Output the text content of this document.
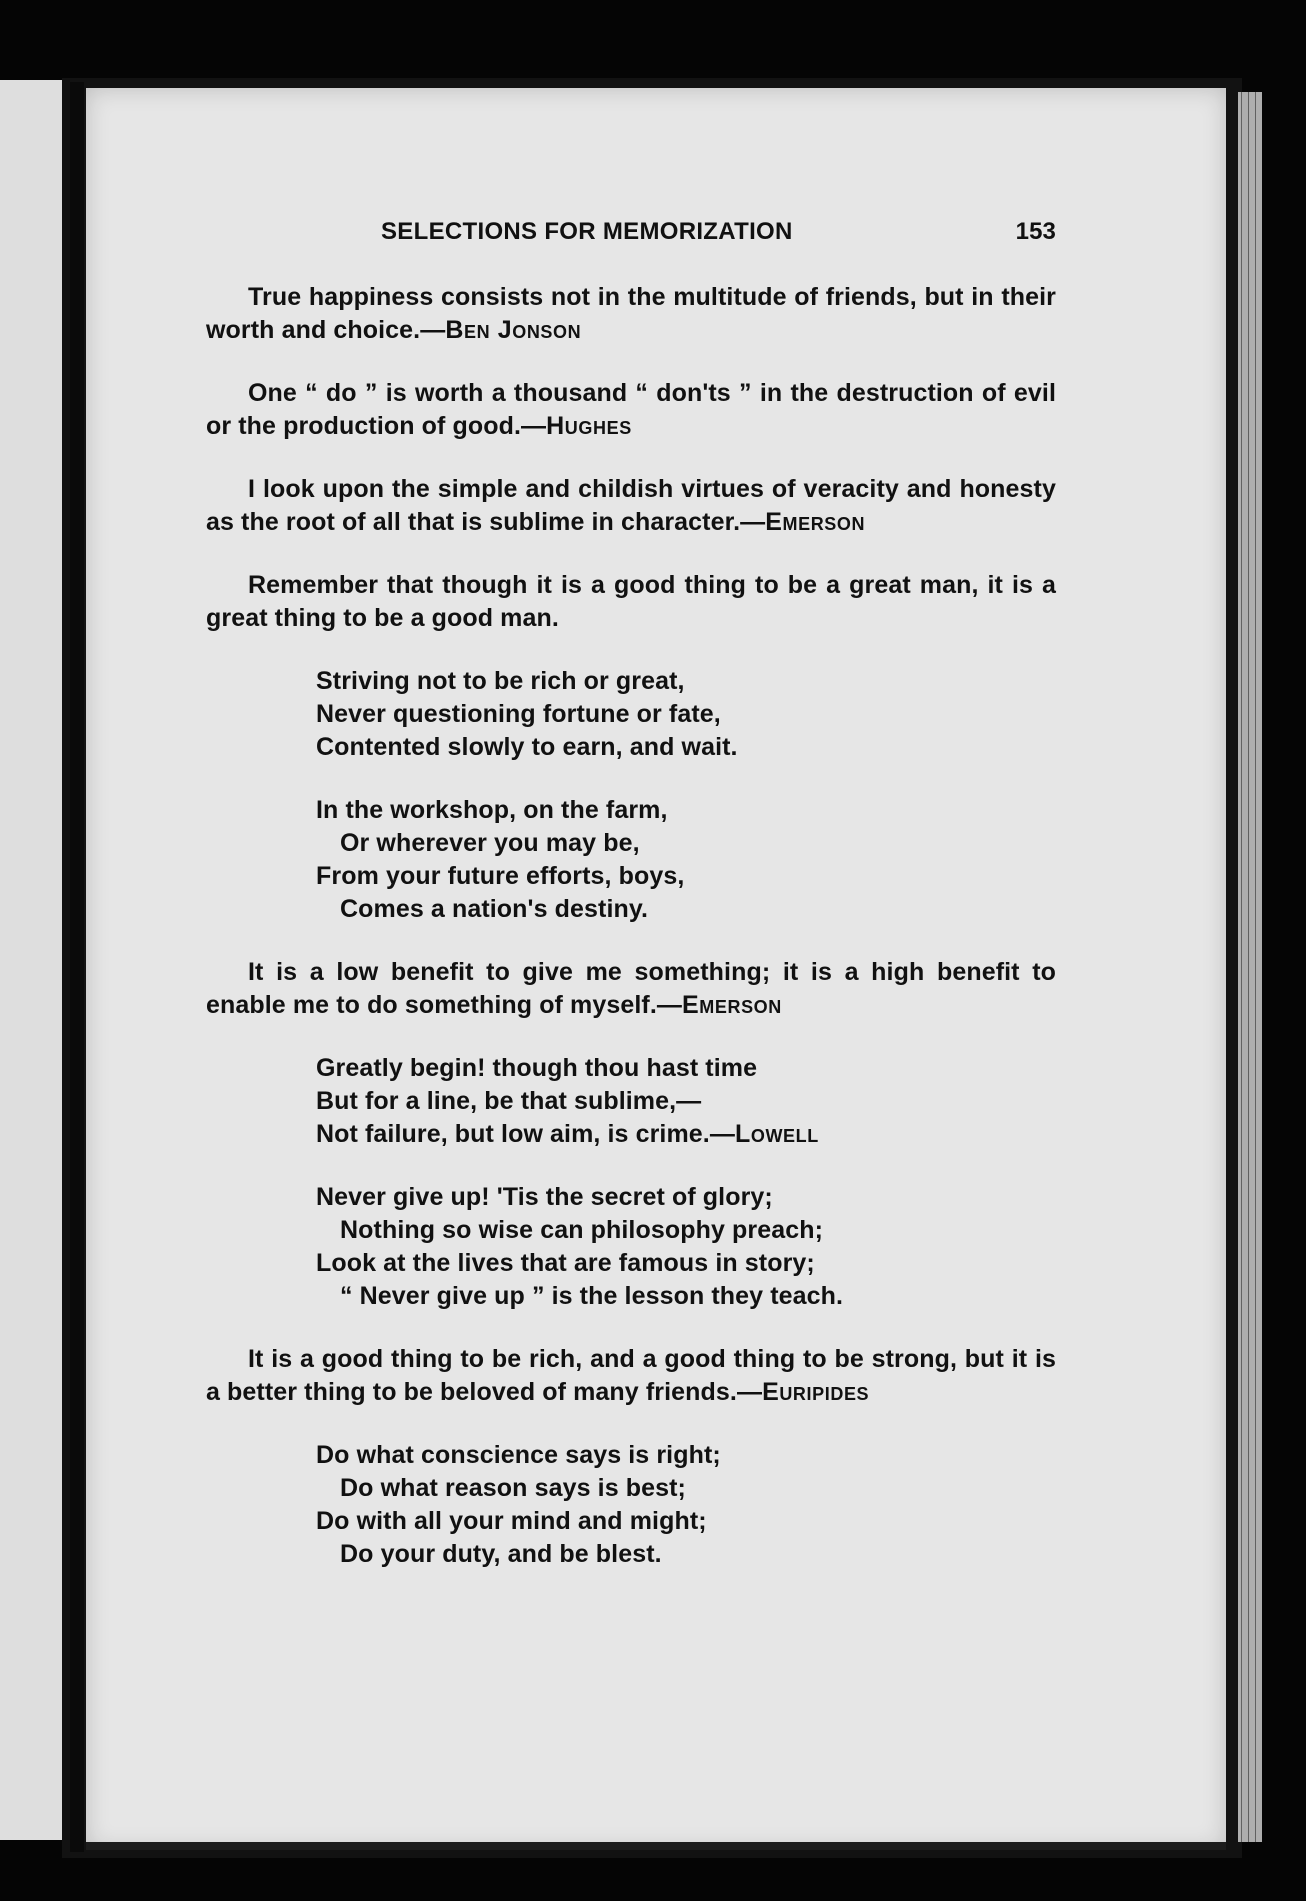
SELECTIONS FOR MEMORIZATION	153

True happiness consists not in the multitude of friends, but in their worth and choice.—Ben Jonson

One “ do ” is worth a thousand “ don'ts ” in the destruction of evil or the production of good.—Hughes

I look upon the simple and childish virtues of veracity and honesty as the root of all that is sublime in character.—Emerson

Remember that though it is a good thing to be a great man, it is a great thing to be a good man.

Striving not to be rich or great,
Never questioning fortune or fate,
Contented slowly to earn, and wait.
In the workshop, on the farm,
Or wherever you may be,
From your future efforts, boys,
Comes a nation's destiny.

It is a low benefit to give me something; it is a high benefit to enable me to do something of myself.—Emerson

Greatly begin! though thou hast time
But for a line, be that sublime,—
Not failure, but low aim, is crime.—Lowell
Never give up! 'Tis the secret of glory;
Nothing so wise can philosophy preach;
Look at the lives that are famous in story;
“ Never give up ” is the lesson they teach.

It is a good thing to be rich, and a good thing to be strong, but it is a better thing to be beloved of many friends.—Euripides

Do what conscience says is right;
Do what reason says is best;
Do with all your mind and might;
Do your duty, and be blest.
